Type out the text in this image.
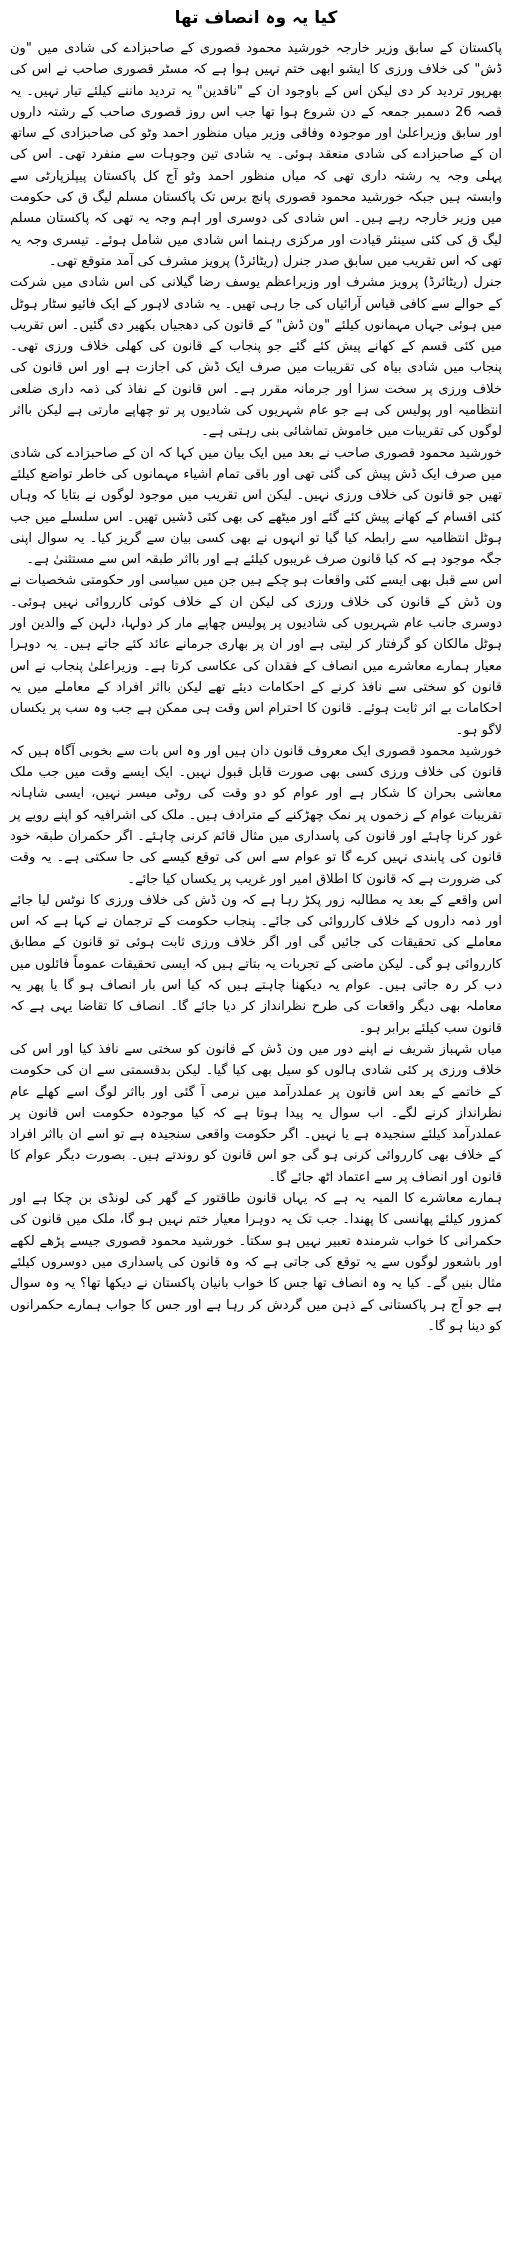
کیا یہ وہ انصاف تھا

پاکستان کے سابق وزیر خارجہ خورشید محمود قصوری کے صاحبزادے کی شادی میں "ون ڈش" کی خلاف ورزی کا ایشو ابھی ختم نہیں ہوا ہے کہ مسٹر قصوری صاحب نے اس کی بھرپور تردید کر دی لیکن اس کے باوجود ان کے "ناقدین" یہ تردید ماننے کیلئے تیار نہیں۔ یہ قصہ 26 دسمبر جمعہ کے دن شروع ہوا تھا جب اس روز قصوری صاحب کے رشتہ داروں اور سابق وزیراعلیٰ اور موجودہ وفاقی وزیر میاں منظور احمد وٹو کی صاحبزادی کے ساتھ ان کے صاحبزادے کی شادی منعقد ہوئی۔ یہ شادی تین وجوہات سے منفرد تھی۔ اس کی پہلی وجہ یہ رشتہ داری تھی کہ میاں منظور احمد وٹو آج کل پاکستان پیپلزپارٹی سے وابستہ ہیں جبکہ خورشید محمود قصوری پانچ برس تک پاکستان مسلم لیگ ق کی حکومت میں وزیر خارجہ رہے ہیں۔ اس شادی کی دوسری اور اہم وجہ یہ تھی کہ پاکستان مسلم لیگ ق کی کئی سینئر قیادت اور مرکزی رہنما اس شادی میں شامل ہوئے۔ تیسری وجہ یہ تھی کہ اس تقریب میں سابق صدر جنرل (ریٹائرڈ) پرویز مشرف کی آمد متوقع تھی۔

جنرل (ریٹائرڈ) پرویز مشرف اور وزیراعظم یوسف رضا گیلانی کی اس شادی میں شرکت کے حوالے سے کافی قیاس آرائیاں کی جا رہی تھیں۔ یہ شادی لاہور کے ایک فائیو سٹار ہوٹل میں ہوئی جہاں مہمانوں کیلئے "ون ڈش" کے قانون کی دھجیاں بکھیر دی گئیں۔ اس تقریب میں کئی قسم کے کھانے پیش کئے گئے جو پنجاب کے قانون کی کھلی خلاف ورزی تھی۔ پنجاب میں شادی بیاہ کی تقریبات میں صرف ایک ڈش کی اجازت ہے اور اس قانون کی خلاف ورزی پر سخت سزا اور جرمانہ مقرر ہے۔ اس قانون کے نفاذ کی ذمہ داری ضلعی انتظامیہ اور پولیس کی ہے جو عام شہریوں کی شادیوں پر تو چھاپے مارتی ہے لیکن بااثر لوگوں کی تقریبات میں خاموش تماشائی بنی رہتی ہے۔

خورشید محمود قصوری صاحب نے بعد میں ایک بیان میں کہا کہ ان کے صاحبزادے کی شادی میں صرف ایک ڈش پیش کی گئی تھی اور باقی تمام اشیاء مہمانوں کی خاطر تواضع کیلئے تھیں جو قانون کی خلاف ورزی نہیں۔ لیکن اس تقریب میں موجود لوگوں نے بتایا کہ وہاں کئی اقسام کے کھانے پیش کئے گئے اور میٹھے کی بھی کئی ڈشیں تھیں۔ اس سلسلے میں جب ہوٹل انتظامیہ سے رابطہ کیا گیا تو انہوں نے بھی کسی بیان سے گریز کیا۔ یہ سوال اپنی جگہ موجود ہے کہ کیا قانون صرف غریبوں کیلئے ہے اور بااثر طبقہ اس سے مستثنیٰ ہے۔

اس سے قبل بھی ایسے کئی واقعات ہو چکے ہیں جن میں سیاسی اور حکومتی شخصیات نے ون ڈش کے قانون کی خلاف ورزی کی لیکن ان کے خلاف کوئی کارروائی نہیں ہوئی۔ دوسری جانب عام شہریوں کی شادیوں پر پولیس چھاپے مار کر دولہا، دلہن کے والدین اور ہوٹل مالکان کو گرفتار کر لیتی ہے اور ان پر بھاری جرمانے عائد کئے جاتے ہیں۔ یہ دوہرا معیار ہمارے معاشرے میں انصاف کے فقدان کی عکاسی کرتا ہے۔ وزیراعلیٰ پنجاب نے اس قانون کو سختی سے نافذ کرنے کے احکامات دیئے تھے لیکن بااثر افراد کے معاملے میں یہ احکامات بے اثر ثابت ہوئے۔ قانون کا احترام اس وقت ہی ممکن ہے جب وہ سب پر یکساں لاگو ہو۔

خورشید محمود قصوری ایک معروف قانون دان ہیں اور وہ اس بات سے بخوبی آگاہ ہیں کہ قانون کی خلاف ورزی کسی بھی صورت قابل قبول نہیں۔ ایک ایسے وقت میں جب ملک معاشی بحران کا شکار ہے اور عوام کو دو وقت کی روٹی میسر نہیں، ایسی شاہانہ تقریبات عوام کے زخموں پر نمک چھڑکنے کے مترادف ہیں۔ ملک کی اشرافیہ کو اپنے رویے پر غور کرنا چاہئے اور قانون کی پاسداری میں مثال قائم کرنی چاہئے۔ اگر حکمران طبقہ خود قانون کی پابندی نہیں کرے گا تو عوام سے اس کی توقع کیسے کی جا سکتی ہے۔ یہ وقت کی ضرورت ہے کہ قانون کا اطلاق امیر اور غریب پر یکساں کیا جائے۔

اس واقعے کے بعد یہ مطالبہ زور پکڑ رہا ہے کہ ون ڈش کی خلاف ورزی کا نوٹس لیا جائے اور ذمہ داروں کے خلاف کارروائی کی جائے۔ پنجاب حکومت کے ترجمان نے کہا ہے کہ اس معاملے کی تحقیقات کی جائیں گی اور اگر خلاف ورزی ثابت ہوئی تو قانون کے مطابق کارروائی ہو گی۔ لیکن ماضی کے تجربات یہ بتاتے ہیں کہ ایسی تحقیقات عموماً فائلوں میں دب کر رہ جاتی ہیں۔ عوام یہ دیکھنا چاہتے ہیں کہ کیا اس بار انصاف ہو گا یا پھر یہ معاملہ بھی دیگر واقعات کی طرح نظرانداز کر دیا جائے گا۔ انصاف کا تقاضا یہی ہے کہ قانون سب کیلئے برابر ہو۔

میاں شہباز شریف نے اپنے دور میں ون ڈش کے قانون کو سختی سے نافذ کیا اور اس کی خلاف ورزی پر کئی شادی ہالوں کو سیل بھی کیا گیا۔ لیکن بدقسمتی سے ان کی حکومت کے خاتمے کے بعد اس قانون پر عملدرآمد میں نرمی آ گئی اور بااثر لوگ اسے کھلے عام نظرانداز کرنے لگے۔ اب سوال یہ پیدا ہوتا ہے کہ کیا موجودہ حکومت اس قانون پر عملدرآمد کیلئے سنجیدہ ہے یا نہیں۔ اگر حکومت واقعی سنجیدہ ہے تو اسے ان بااثر افراد کے خلاف بھی کارروائی کرنی ہو گی جو اس قانون کو روندتے ہیں۔ بصورت دیگر عوام کا قانون اور انصاف پر سے اعتماد اٹھ جائے گا۔

ہمارے معاشرے کا المیہ یہ ہے کہ یہاں قانون طاقتور کے گھر کی لونڈی بن چکا ہے اور کمزور کیلئے پھانسی کا پھندا۔ جب تک یہ دوہرا معیار ختم نہیں ہو گا، ملک میں قانون کی حکمرانی کا خواب شرمندہ تعبیر نہیں ہو سکتا۔ خورشید محمود قصوری جیسے پڑھے لکھے اور باشعور لوگوں سے یہ توقع کی جاتی ہے کہ وہ قانون کی پاسداری میں دوسروں کیلئے مثال بنیں گے۔ کیا یہ وہ انصاف تھا جس کا خواب بانیان پاکستان نے دیکھا تھا؟ یہ وہ سوال ہے جو آج ہر پاکستانی کے ذہن میں گردش کر رہا ہے اور جس کا جواب ہمارے حکمرانوں کو دینا ہو گا۔
